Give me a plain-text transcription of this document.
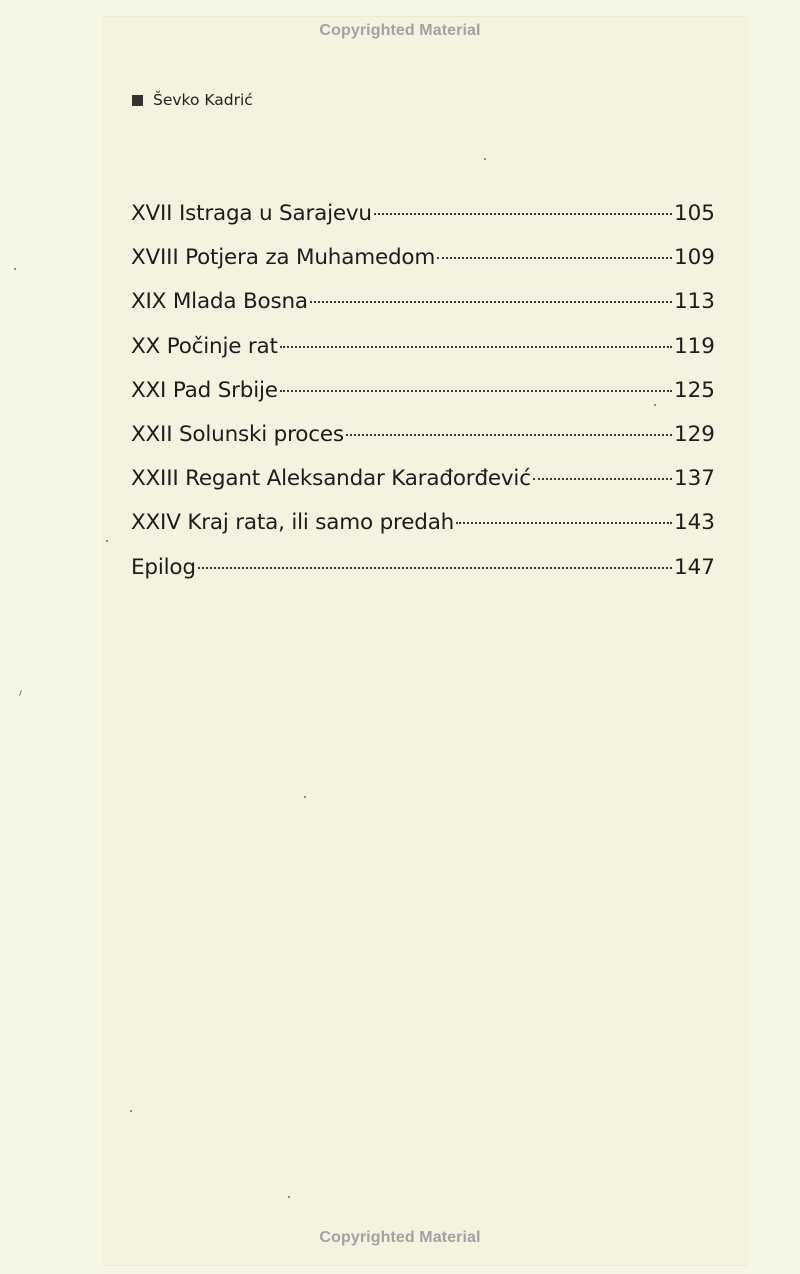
Copyrighted Material
Ševko Kadrić
XVII Istraga u Sarajevu	105
XVIII Potjera za Muhamedom	109
XIX Mlada Bosna	113
XX Počinje rat	119
XXI Pad Srbije	125
XXII Solunski proces	129
XXIII Regant Aleksandar Karađorđević	137
XXIV Kraj rata, ili samo predah	143
Epilog	147
Copyrighted Material
